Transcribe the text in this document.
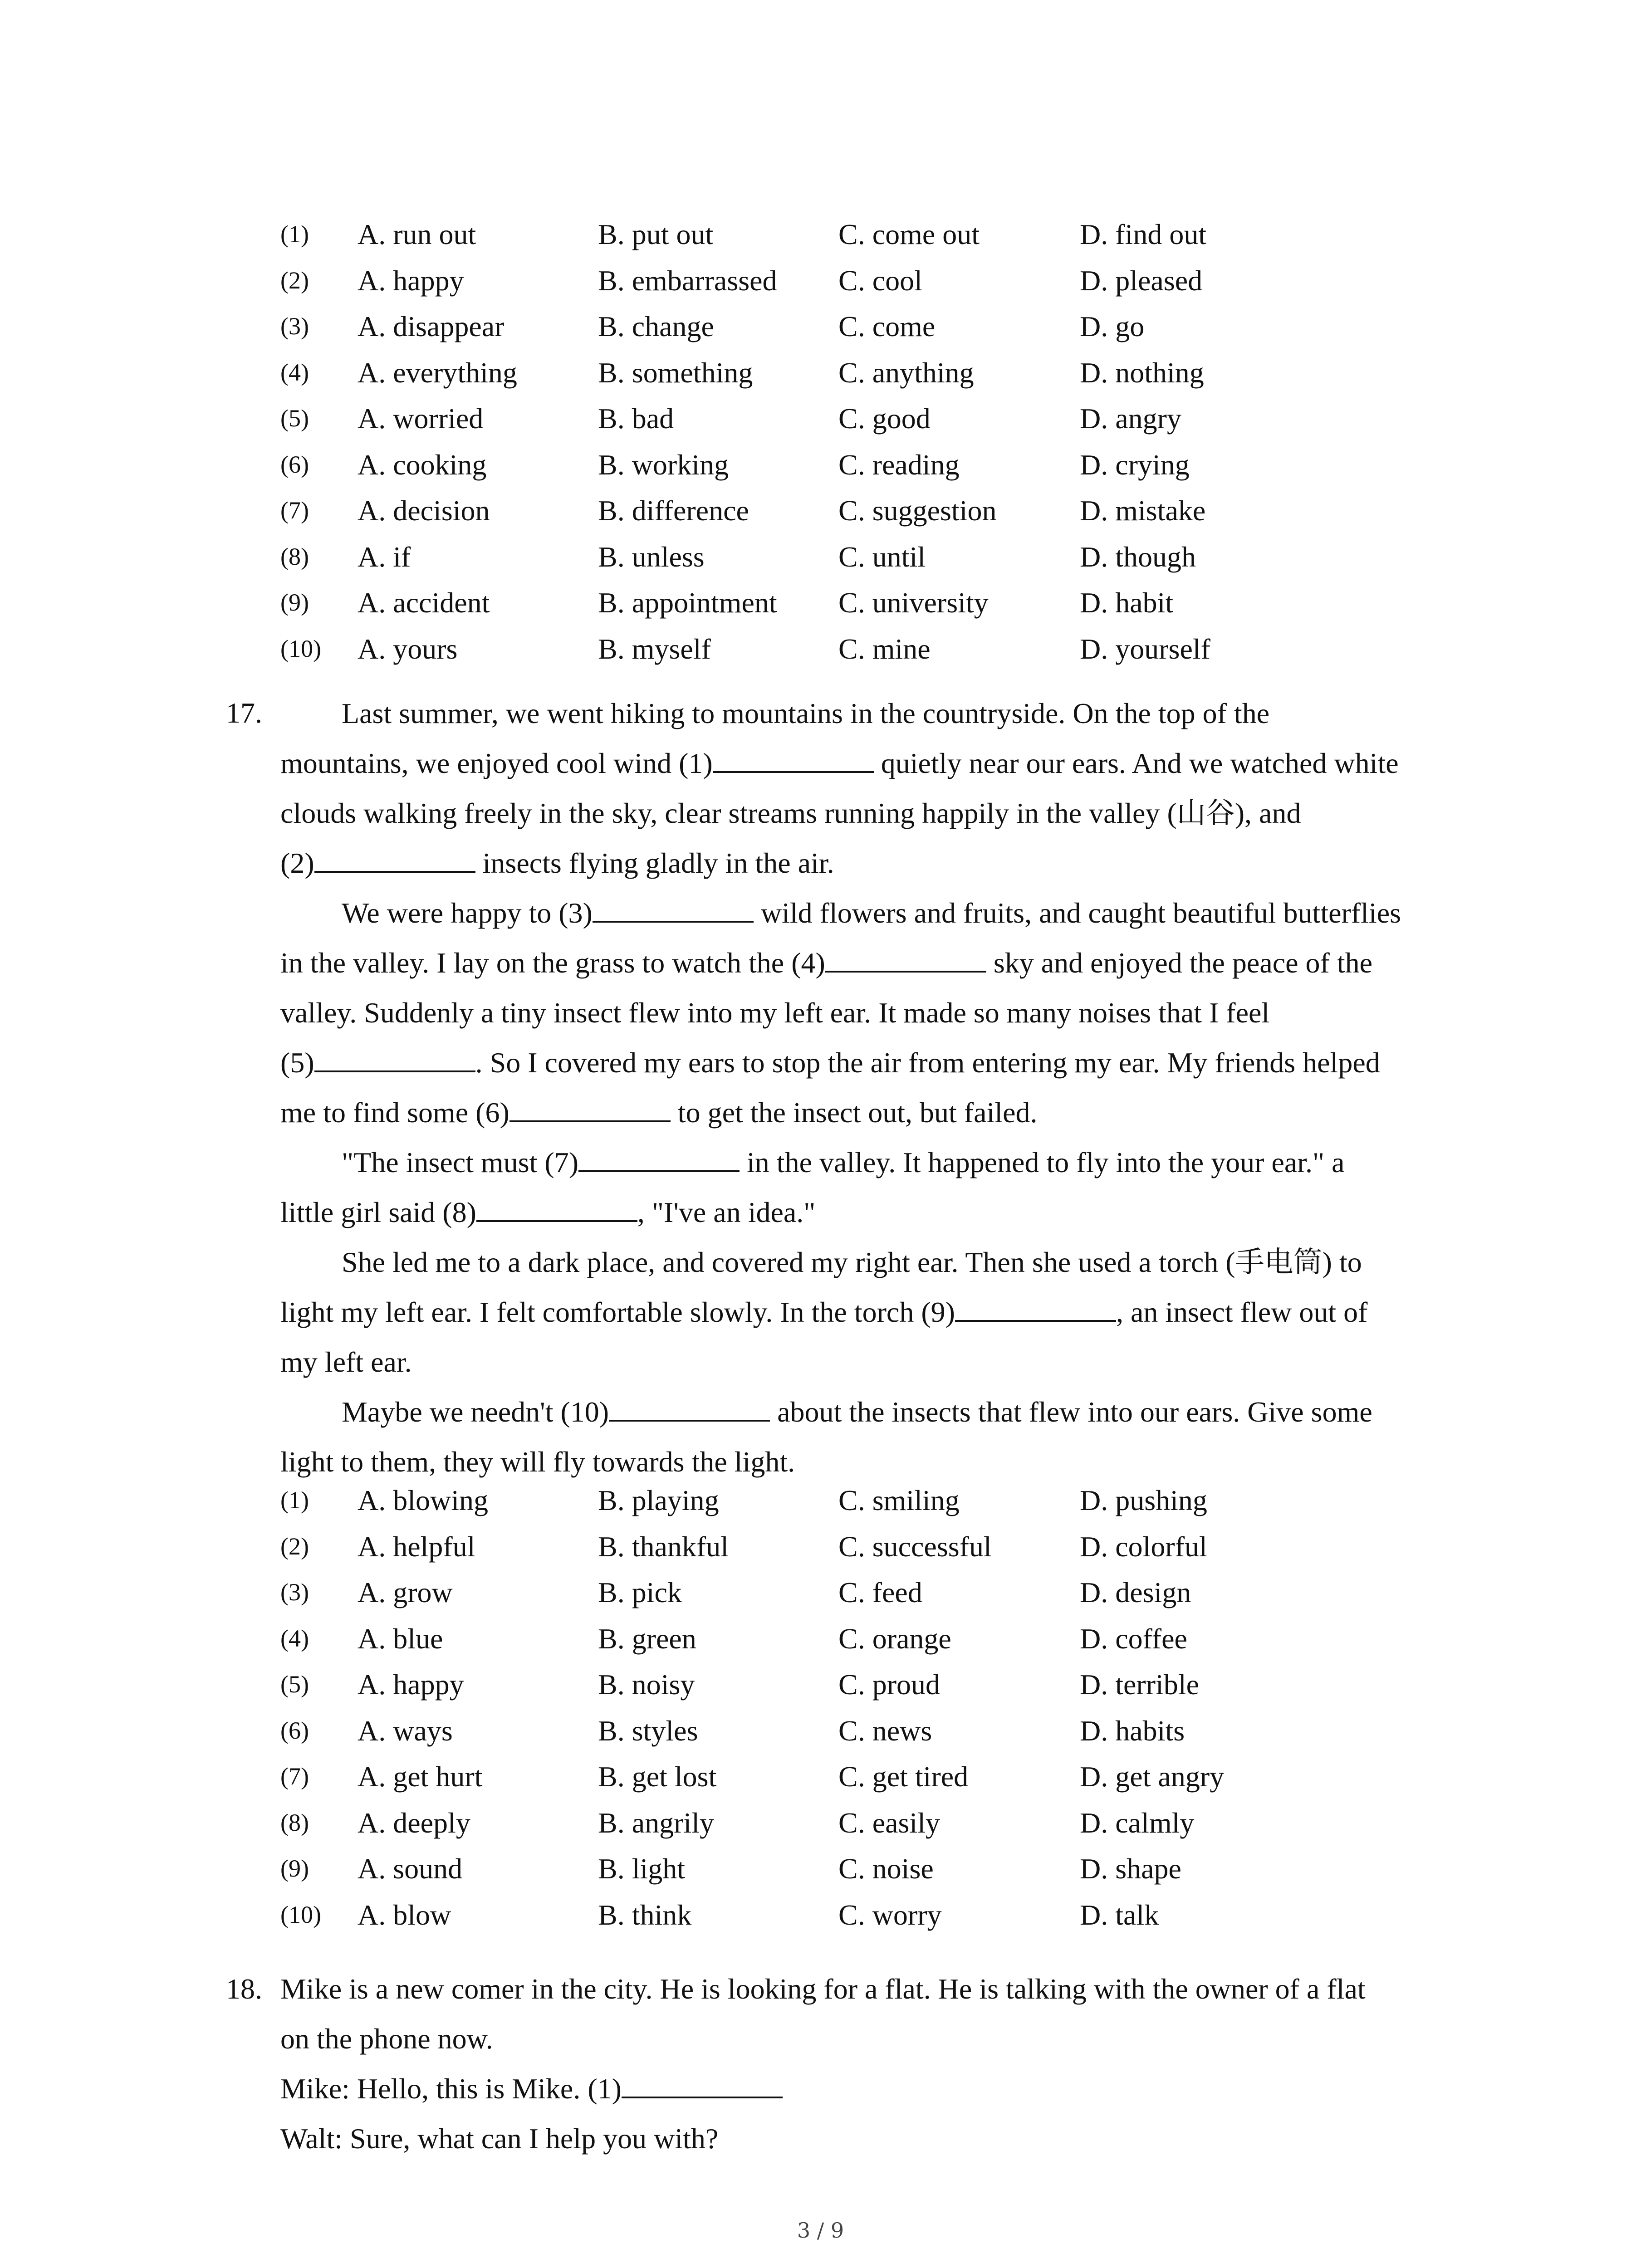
(1) A. run out	B. put out	C. come out	D. find out
(2) A. happy	B. embarrassed C. cool	D. pleased
(3) A. disappear	B. change	C. come	D. go
(4) A. everything	B. something	C. anything	D. nothing
(5) A. worried	B. bad	C. good	D. angry
(6) A. cooking	B. working	C. reading	D. crying
(7) A. decision	B. difference	C. suggestion	D. mistake
(8) A. if	B. unless	C. until	D. though
(9) A. accident	B. appointment C. university	D. habit
(10) A. yours	B. myself	C. mine	D. yourself
17.	Last summer, we went hiking to mountains in the countryside. On the top of the
mountains, we enjoyed cool wind (1)	quietly near our ears. And we watched white
clouds walking freely in the sky, clear streams running happily in the valley (山谷), and
(2)	insects flying gladly in the air.
We were happy to (3)	wild flowers and fruits, and caught beautiful butterflies
in the valley. I lay on the grass to watch the (4)	sky and enjoyed the peace of the
valley. Suddenly a tiny insect flew into my left ear. It made so many noises that I feel
(5)	. So I covered my ears to stop the air from entering my ear. My friends helped
me to find some (6)	to get the insect out, but failed.
"The insect must (7)	in the valley. It happened to fly into the your ear." a
little girl said (8)	, "I've an idea."
She led me to a dark place, and covered my right ear. Then she used a torch (手电筒) to
light my left ear. I felt comfortable slowly. In the torch (9)	, an insect flew out of
my left ear.
Maybe we needn't (10)	about the insects that flew into our ears. Give some
light to them, they will fly towards the light.
(1) A. blowing	B. playing	C. smiling	D. pushing
(2) A. helpful	B. thankful	C. successful	D. colorful
(3) A. grow	B. pick	C. feed	D. design
(4) A. blue	B. green	C. orange	D. coffee
(5) A. happy	B. noisy	C. proud	D. terrible
(6) A. ways	B. styles	C. news	D. habits
(7) A. get hurt	B. get lost	C. get tired	D. get angry
(8) A. deeply	B. angrily	C. easily	D. calmly
(9) A. sound	B. light	C. noise	D. shape
(10) A. blow	B. think	C. worry	D. talk
18. Mike is a new comer in the city. He is looking for a flat. He is talking with the owner of a flat
on the phone now.
Mike: Hello, this is Mike. (1)
Walt: Sure, what can I help you with?
3 / 9
